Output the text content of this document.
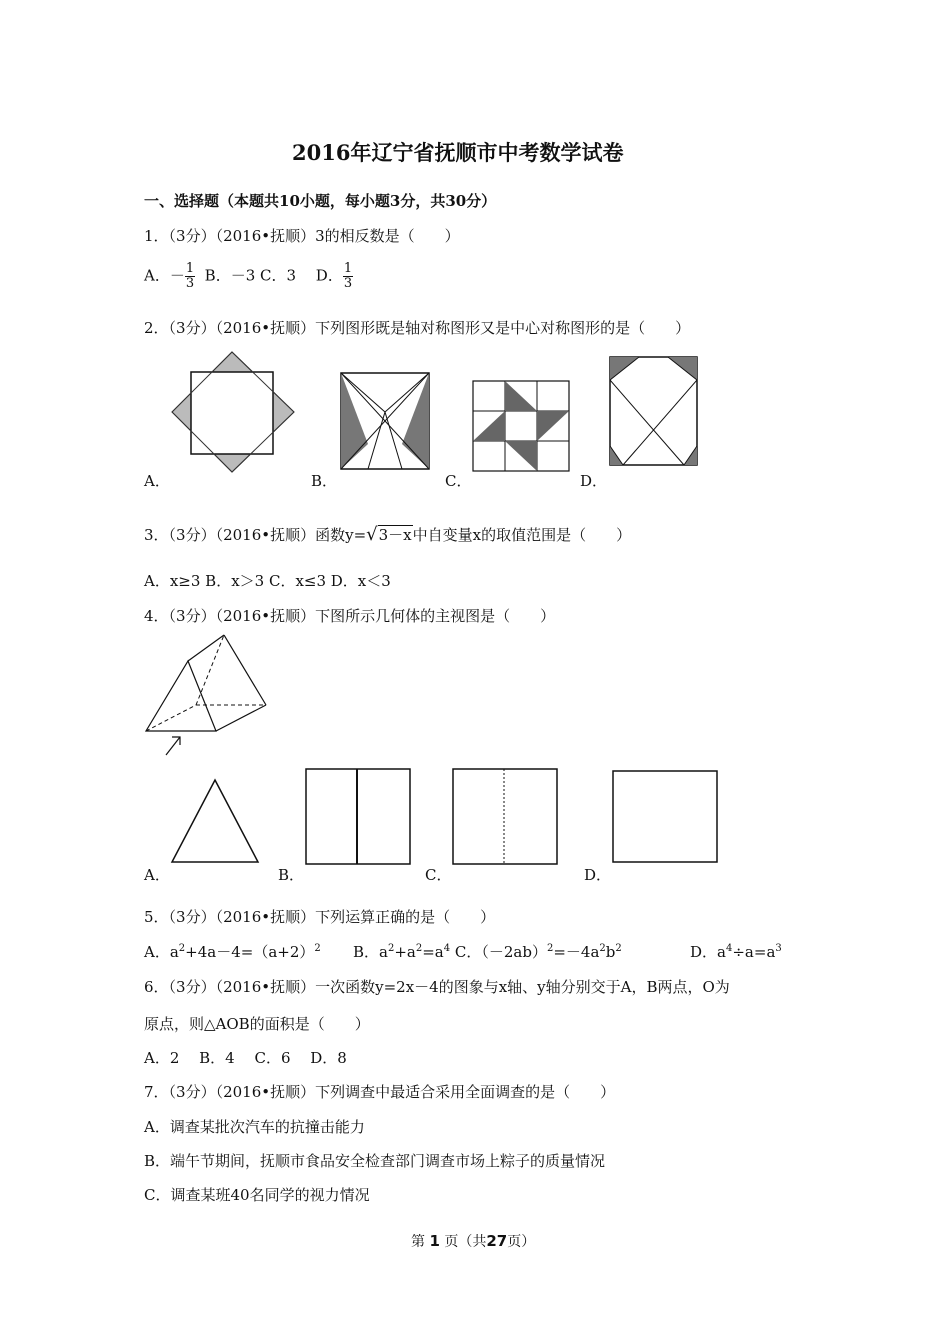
2016年辽宁省抚顺市中考数学试卷
一、选择题（本题共10小题，每小题3分，共30分）
1．（3分）（2016•抚顺）3的相反数是（　　）
A．－ $\frac{1}{3}$ B．－3 C．3 　D． $\frac{1}{3}$
2．（3分）（2016•抚顺）下列图形既是轴对称图形又是中心对称图形的是（　　）
A．	B．	C．	D．
3．（3分）（2016•抚顺）函数y=√3－x中自变量x的取值范围是（　　）
A．x≥3 B．x＞3 C．x≤3 D．x＜3
4．（3分）（2016•抚顺）下图所示几何体的主视图是（　　）
A．	B．	C．	D．
5．（3分）（2016•抚顺）下列运算正确的是（　　）
A．$a^2+4a-4=(a+2)^2$ B．$a^2+a^2=a^4$ C．$(-2ab)^2=-4a^2b^2$	D．$a^4\div a=a^3$
6．（3分）（2016•抚顺）一次函数y=2x－4的图象与x轴、y轴分别交于A，B两点，O为
原点，则△AOB的面积是（　　）
A．2 　B．4 　C．6 　D．8
7．（3分）（2016•抚顺）下列调查中最适合采用全面调查的是（　　）
A．调查某批次汽车的抗撞击能力
B．端午节期间，抚顺市食品安全检查部门调查市场上粽子的质量情况
C．调查某班40名同学的视力情况
第 1 页（共27页）
